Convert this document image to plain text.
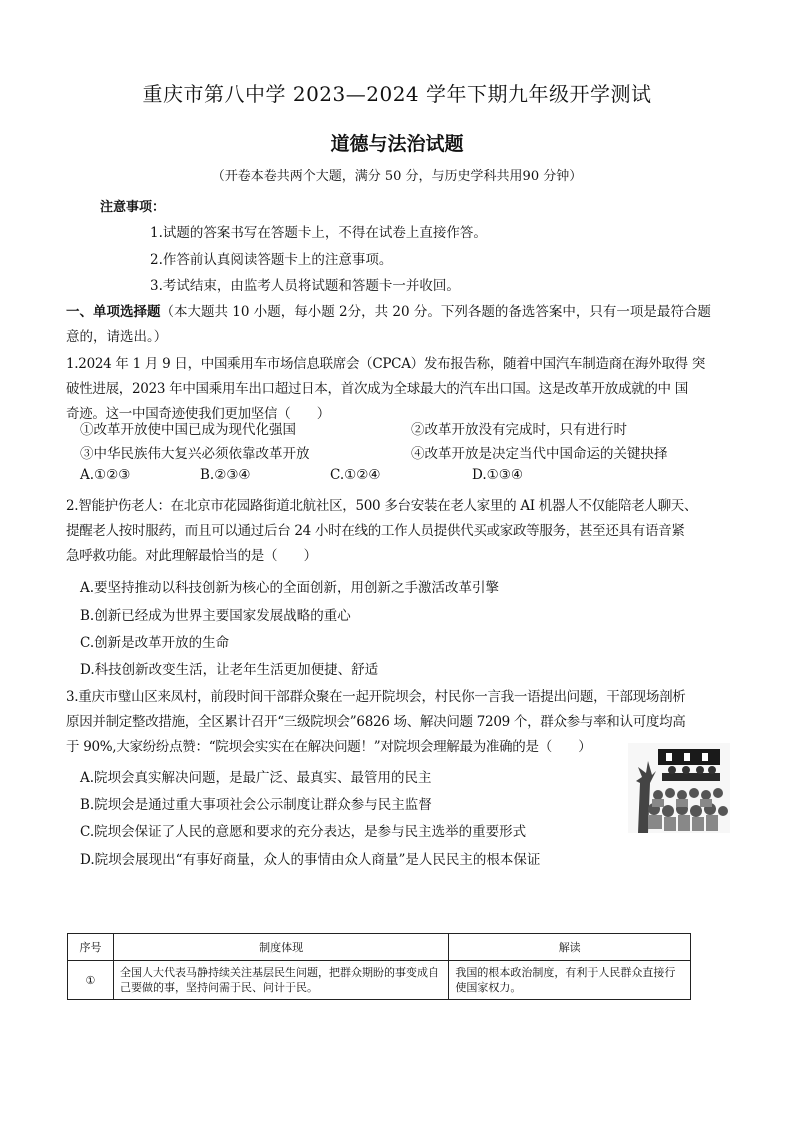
重庆市第八中学 2023—2024 学年下期九年级开学测试
道德与法治试题
（开卷本卷共两个大题，满分 50 分，与历史学科共用90 分钟）
注意事项：
1.试题的答案书写在答题卡上，不得在试卷上直接作答。
2.作答前认真阅读答题卡上的注意事项。
3.考试结束，由监考人员将试题和答题卡一并收回。
一、单项选择题（本大题共 10 小题，每小题 2分，共 20 分。下列各题的备选答案中，只有一项是最符合题
意的，请选出。）
1.2024 年 1 月 9 日，中国乘用车市场信息联席会（CPCA）发布报告称，随着中国汽车制造商在海外取得 突
破性进展，2023 年中国乘用车出口超过日本，首次成为全球最大的汽车出口国。这是改革开放成就的中 国
奇迹。这一中国奇迹使我们更加坚信（　　）
①改革开放使中国已成为现代化强国	②改革开放没有完成时，只有进行时
③中华民族伟大复兴必须依靠改革开放	④改革开放是决定当代中国命运的关键抉择
A.①②③	B.②③④	C.①②④	D.①③④
2.智能护伤老人：在北京市花园路街道北航社区，500 多台安装在老人家里的 AI 机器人不仅能陪老人聊天、
提醒老人按时服药，而且可以通过后台 24 小时在线的工作人员提供代买或家政等服务，甚至还具有语音紧
急呼救功能。对此理解最恰当的是（　　）
A.要坚持推动以科技创新为核心的全面创新，用创新之手激活改革引擎
B.创新已经成为世界主要国家发展战略的重心
C.创新是改革开放的生命
D.科技创新改变生活，让老年生活更加便捷、舒适
3.重庆市璧山区来凤村，前段时间干部群众聚在一起开院坝会，村民你一言我一语提出问题，干部现场剖析
原因并制定整改措施，全区累计召开“三级院坝会”6826 场、解决问题 7209 个，群众参与率和认可度均高
于 90%,大家纷纷点赞：“院坝会实实在在解决问题！”对院坝会理解最为准确的是（　　）
A.院坝会真实解决问题，是最广泛、最真实、最管用的民主
B.院坝会是通过重大事项社会公示制度让群众参与民主监督
C.院坝会保证了人民的意愿和要求的充分表达，是参与民主选举的重要形式
D.院坝会展现出“有事好商量，众人的事情由众人商量”是人民民主的根本保证
序号	制度体现	解读
①	全国人大代表马静持续关注基层民生问题，把群众期盼的事变成自己要做的事，坚持问需于民、问计于民。	我国的根本政治制度，有利于人民群众直接行使国家权力。
